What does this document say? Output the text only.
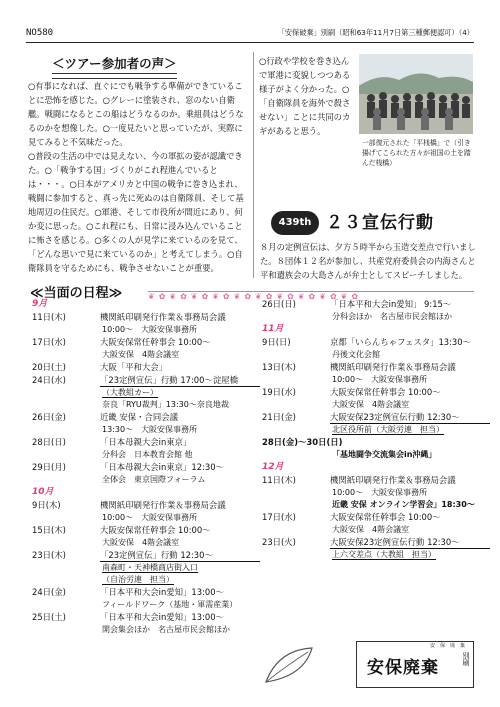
NO580	「安保破棄」別刷（昭和63年11月7日第三種郵便認可）（4）
＜ツアー参加者の声＞

○有事になれば、直ぐにでも戦争する準備ができていることに恐怖を感じた。○グレーに塗装され、窓のない自衛艦。戦闘になるとこの船はどうなるのか。乗組員はどうなるのかを想像した。○一度見たいと思っていたが、実際に見てみると不気味だった。

○普段の生活の中では見えない、今の軍拡の姿が認識できた。○「戦争する国」づくりがこれ程進んでいるとは・・・。○日本がアメリカと中国の戦争に巻き込まれ、戦闘に参加すると、真っ先に死ぬのは自衛隊員、そして基地周辺の住民だ。○軍港、そして市役所が間近にあり、何か変に思った。○これ程にも、日常に浸み込んでいることに怖さを感じる。○多くの人が見学に来ているのを見て、「どんな思いで見に来ているのか」と考えてしまう。○自衛隊員を守るためにも、戦争させないことが重要。

○行政や学校を巻き込んで軍港に変貌しつつある様子がよく分かった。○「自衛隊員を海外で殺させない」ことに共同のカギがあると思う。
一部復元された「平桟橋」で（引き揚げてこられた方々が祖国の土を踏んだ桟橋）
439th ２３宣伝行動
８月の定例宣伝は、夕方５時半から玉造交差点で行いました。８団体１２名が参加し、共産党府委員会の内海さんと平和遺族会の大島さんが弁士としてスピーチしました。
≪当面の日程≫	❦✿❦✿❦✿❦✿❦✿❦✿❦✿❦✿❦✿❦✿
9月
11日(木)	機関紙印刷発行作業＆事務局会議
10:00〜　大阪安保事務所
17日(水)	大阪安保常任幹事会 10:00〜
大阪安保　4階会議室
20日(土)	大阪「平和大会」
24日(水)	「23定例宣伝」行動 17:00〜淀屋橋
（大教組カー）
奈良「RYU裁判」13:30〜奈良地裁
26日(金)	近畿 安保・合同会議
13:30〜　大阪安保事務所
28日(日)	「日本母親大会in東京」
分科会　日本教育会館 他
29日(月)	「日本母親大会in東京」12:30〜
全体会　東京国際フォーラム
10月
9日(木)	機関紙印刷発行作業＆事務局会議
10:00〜　大阪安保事務所
15日(木)	大阪安保常任幹事会 10:00〜
大阪安保　4階会議室
23日(木)	「23定例宣伝」行動 12:30〜
南森町・天神橋商店街入口
（自治労連　担当）
24日(金)	「日本平和大会in愛知」13:00〜
フィールドワーク（基地・軍需産業）
25日(土)	「日本平和大会in愛知」13:00〜
開会集会ほか　名古屋市民会館ほか
26日(日)	「日本平和大会in愛知」 9:15〜
分科会ほか　名古屋市民会館ほか
11月
9日(日)	京都「いらんちゃフェスタ」13:30〜
丹後文化会館
13日(木)	機関紙印刷発行作業＆事務局会議
10:00〜　大阪安保事務所
19日(水)	大阪安保常任幹事会 10:00〜
大阪安保　4階会議室
21日(金)	大阪安保23定例宣伝行動 12:30〜
北区役所前（大阪労連　担当）
28日(金)〜30日(日)
「基地闘争交流集会in沖縄」
12月
11日(木)	機関紙印刷発行作業＆事務局会議
10:00〜　大阪安保事務所
近畿 安保 オンライン学習会」18:30〜
17日(水)	大阪安保常任幹事会 10:00〜
大阪安保　4階会議室
23日(火)	大阪安保23定例宣伝行動 12:30〜
上六交差点（大教組　担当）
安　保　廃　棄
安保廃棄	別刷
